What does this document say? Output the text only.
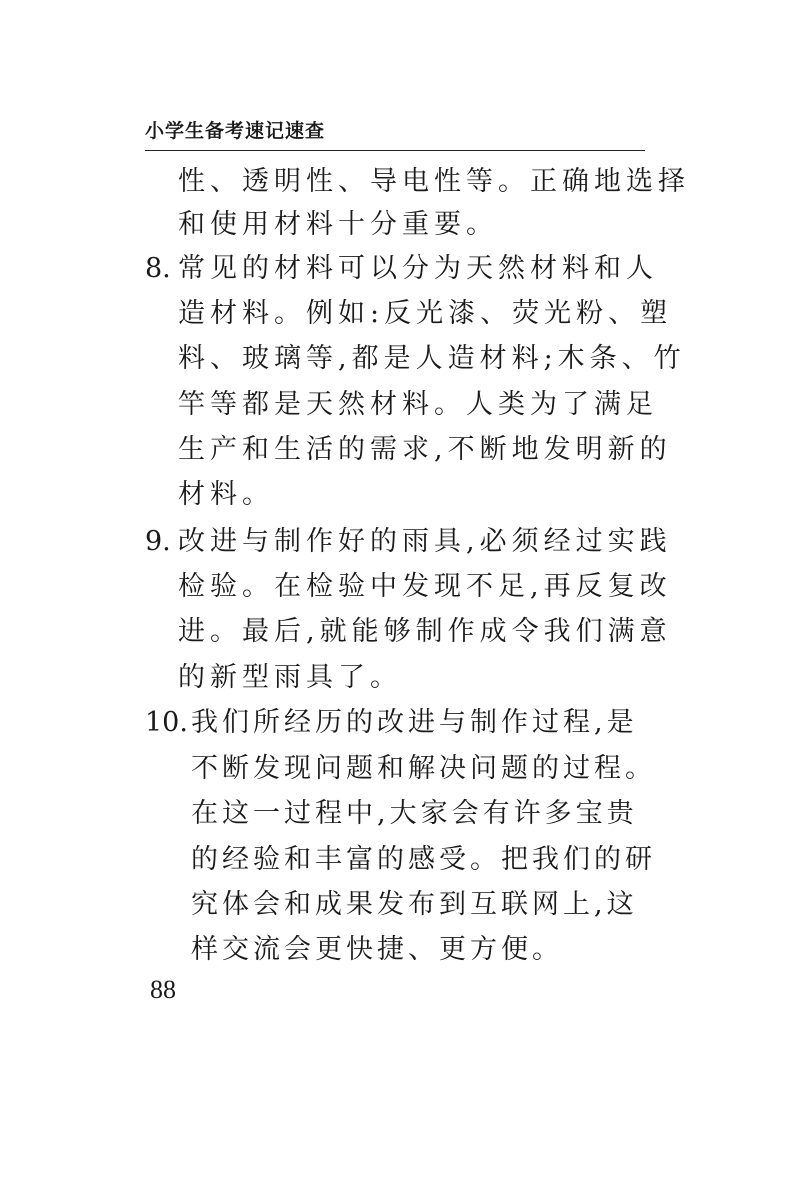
小学生备考速记速查
性、透明性、导电性等。正确地选择
和使用材料十分重要。
8. 常见的材料可以分为天然材料和人
造材料。例如:反光漆、荧光粉、塑
料、玻璃等,都是人造材料;木条、竹
竿等都是天然材料。人类为了满足
生产和生活的需求,不断地发明新的
材料。
9. 改进与制作好的雨具,必须经过实践
检验。在检验中发现不足,再反复改
进。最后,就能够制作成令我们满意
的新型雨具了。
10. 我们所经历的改进与制作过程,是
不断发现问题和解决问题的过程。
在这一过程中,大家会有许多宝贵
的经验和丰富的感受。把我们的研
究体会和成果发布到互联网上,这
样交流会更快捷、更方便。
88
